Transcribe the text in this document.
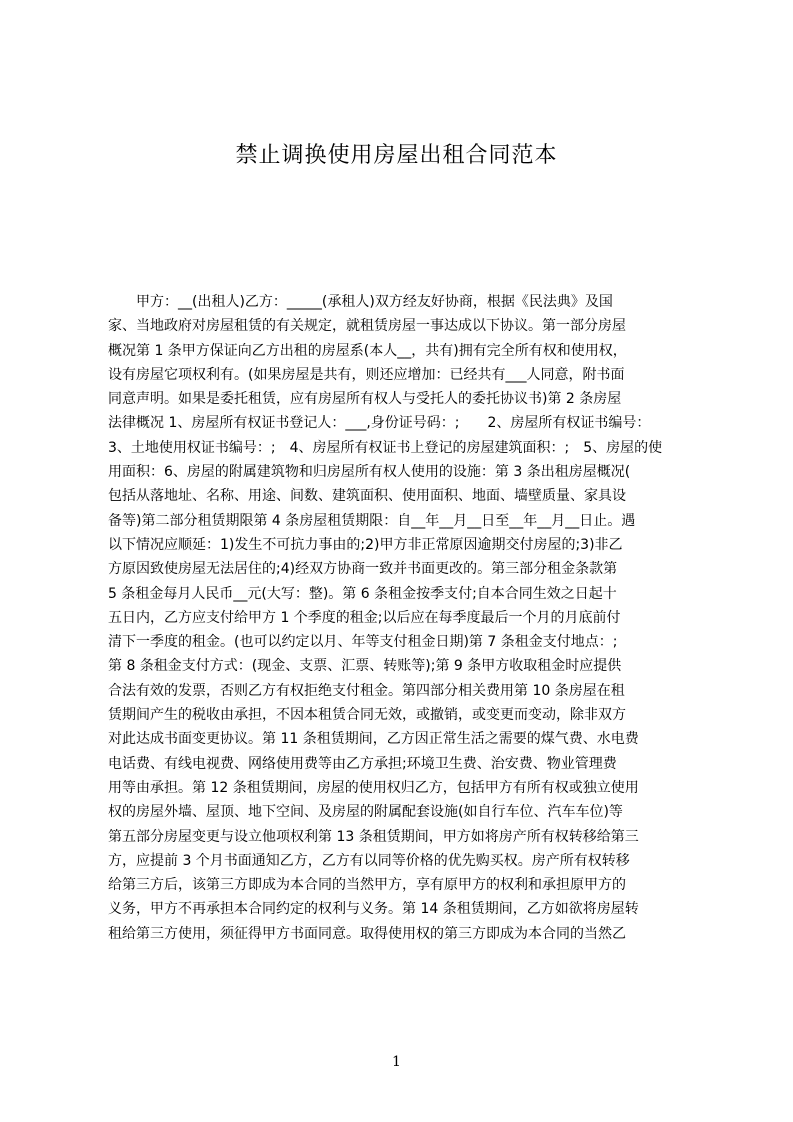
禁止调换使用房屋出租合同范本
　　甲方：__(出租人)乙方：_____(承租人)双方经友好协商，根据《民法典》及国
家、当地政府对房屋租赁的有关规定，就租赁房屋一事达成以下协议。第一部分房屋
概况第 1 条甲方保证向乙方出租的房屋系(本人__，共有)拥有完全所有权和使用权，
设有房屋它项权利有。(如果房屋是共有，则还应增加：已经共有___人同意，附书面
同意声明。如果是委托租赁，应有房屋所有权人与受托人的委托协议书)第 2 条房屋
法律概况 1、房屋所有权证书登记人：___,身份证号码：;　　2、房屋所有权证书编号：
3、土地使用权证书编号：;　4、房屋所有权证书上登记的房屋建筑面积：;　5、房屋的使
用面积：6、房屋的附属建筑物和归房屋所有权人使用的设施：第 3 条出租房屋概况(
包括从落地址、名称、用途、间数、建筑面积、使用面积、地面、墙壁质量、家具设
备等)第二部分租赁期限第 4 条房屋租赁期限：自__年__月__日至__年__月__日止。遇
以下情况应顺延：1)发生不可抗力事由的;2)甲方非正常原因逾期交付房屋的;3)非乙
方原因致使房屋无法居住的;4)经双方协商一致并书面更改的。第三部分租金条款第
5 条租金每月人民币__元(大写：整)。第 6 条租金按季支付;自本合同生效之日起十
五日内，乙方应支付给甲方 1 个季度的租金;以后应在每季度最后一个月的月底前付
清下一季度的租金。(也可以约定以月、年等支付租金日期)第 7 条租金支付地点：;
第 8 条租金支付方式：(现金、支票、汇票、转账等);第 9 条甲方收取租金时应提供
合法有效的发票，否则乙方有权拒绝支付租金。第四部分相关费用第 10 条房屋在租
赁期间产生的税收由承担，不因本租赁合同无效，或撤销，或变更而变动，除非双方
对此达成书面变更协议。第 11 条租赁期间，乙方因正常生活之需要的煤气费、水电费
电话费、有线电视费、网络使用费等由乙方承担;环境卫生费、治安费、物业管理费
用等由承担。第 12 条租赁期间，房屋的使用权归乙方，包括甲方有所有权或独立使用
权的房屋外墙、屋顶、地下空间、及房屋的附属配套设施(如自行车位、汽车车位)等
第五部分房屋变更与设立他项权利第 13 条租赁期间，甲方如将房产所有权转移给第三
方，应提前 3 个月书面通知乙方，乙方有以同等价格的优先购买权。房产所有权转移
给第三方后，该第三方即成为本合同的当然甲方，享有原甲方的权利和承担原甲方的
义务，甲方不再承担本合同约定的权利与义务。第 14 条租赁期间，乙方如欲将房屋转
租给第三方使用，须征得甲方书面同意。取得使用权的第三方即成为本合同的当然乙
1
